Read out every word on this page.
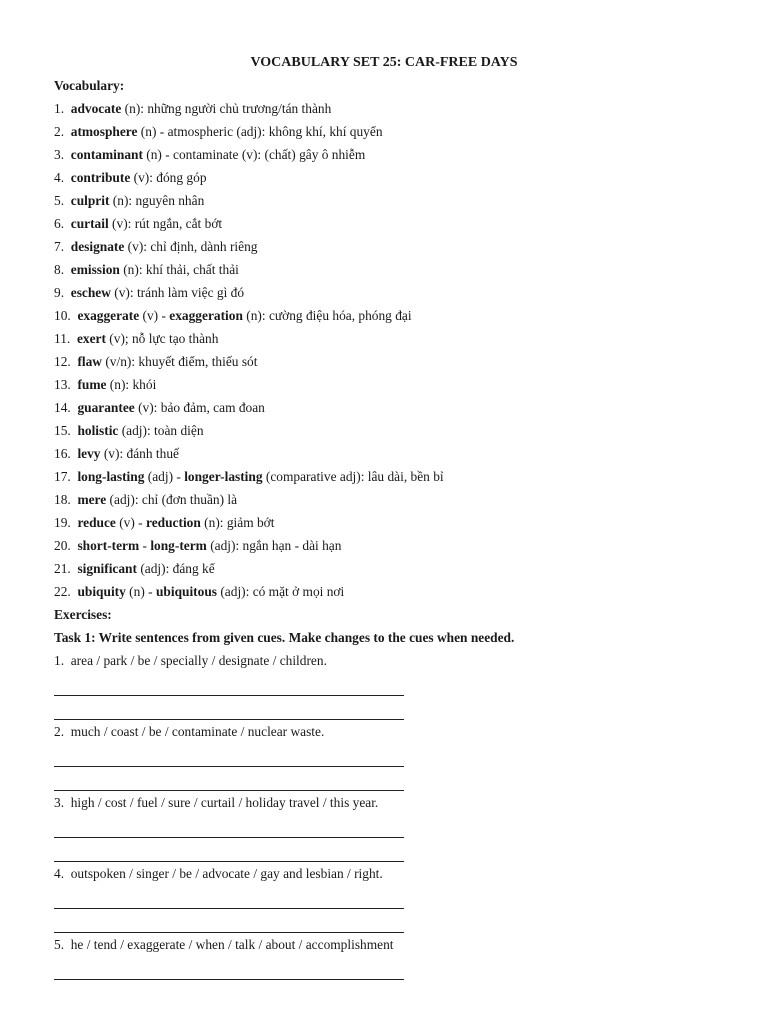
VOCABULARY SET 25: CAR-FREE DAYS
Vocabulary:
1.  advocate (n): những người chủ trương/tán thành
2.  atmosphere (n) - atmospheric (adj): không khí, khí quyển
3.  contaminant (n) - contaminate (v): (chất) gây ô nhiễm
4.  contribute (v): đóng góp
5.  culprit (n): nguyên nhân
6.  curtail (v): rút ngắn, cắt bớt
7.  designate (v): chỉ định, dành riêng
8.  emission (n): khí thải, chất thải
9.  eschew (v): tránh làm việc gì đó
10.  exaggerate (v) - exaggeration (n): cường điệu hóa, phóng đại
11.  exert (v); nỗ lực tạo thành
12.  flaw (v/n): khuyết điểm, thiếu sót
13.  fume (n): khói
14.  guarantee (v): bảo đảm, cam đoan
15.  holistic (adj): toàn diện
16.  levy (v): đánh thuế
17.  long-lasting (adj) - longer-lasting (comparative adj): lâu dài, bền bỉ
18.  mere (adj): chỉ (đơn thuần) là
19.  reduce (v) - reduction (n): giảm bớt
20.  short-term - long-term (adj): ngắn hạn - dài hạn
21.  significant (adj): đáng kể
22.  ubiquity (n) - ubiquitous (adj): có mặt ở mọi nơi
Exercises:
Task 1: Write sentences from given cues. Make changes to the cues when needed.
1.  area / park / be / specially / designate / children.
2.  much / coast / be / contaminate / nuclear waste.
3.  high / cost / fuel / sure / curtail / holiday travel / this year.
4.  outspoken / singer / be / advocate / gay and lesbian / right.
5.  he / tend / exaggerate / when / talk / about / accomplishment
